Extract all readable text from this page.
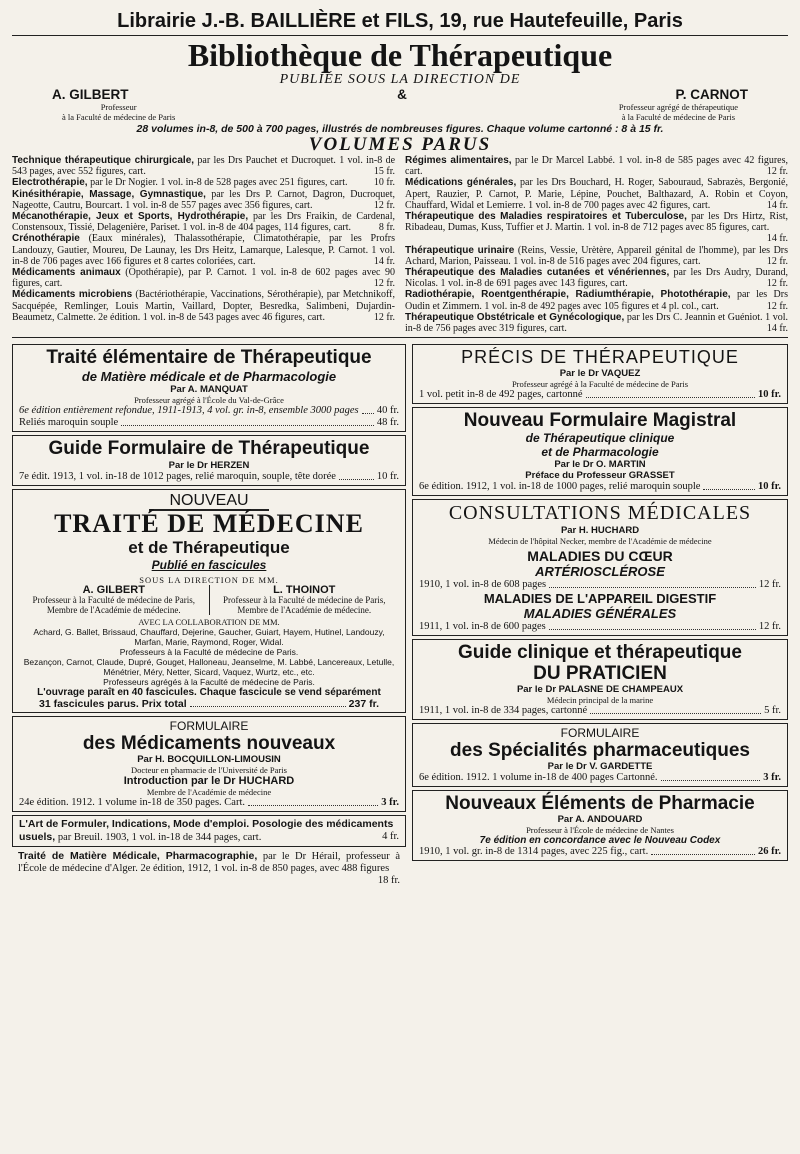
Librairie J.-B. BAILLIÈRE et FILS, 19, rue Hautefeuille, Paris
Bibliothèque de Thérapeutique
PUBLIÉE SOUS LA DIRECTION DE
A. GILBERT	&	P. CARNOT
Professeur
à la Faculté de médecine de Paris
Professeur agrégé de thérapeutique
à la Faculté de médecine de Paris
28 volumes in-8, de 500 à 700 pages, illustrés de nombreuses figures. Chaque volume cartonné : 8 à 15 fr.
VOLUMES PARUS
Technique thérapeutique chirurgicale, par les Drs Pauchet et Ducroquet. 1 vol. in-8 de 543 pages, avec 552 figures, cart.	15 fr.
Electrothérapie, par le Dr Nogier. 1 vol. in-8 de 528 pages avec 251 figures, cart.	10 fr.
Kinésithérapie, Massage, Gymnastique, par les Drs P. Carnot, Dagron, Ducroquet, Nageotte, Cautru, Bourcart. 1 vol. in-8 de 557 pages avec 356 figures, cart.	12 fr.
Mécanothérapie, Jeux et Sports, Hydrothérapie, par les Drs Fraikin, de Cardenal, Constensoux, Tissié, Delagenière, Pariset. 1 vol. in-8 de 404 pages, 114 figures, cart.	8 fr.
Crénothérapie (Eaux minérales), Thalassothérapie, Climatothérapie, par les Profrs Landouzy, Gautier, Moureu, De Launay, les Drs Heitz, Lamarque, Lalesque, P. Carnot. 1 vol. in-8 de 706 pages avec 166 figures et 8 cartes coloriées, cart.	14 fr.
Médicaments animaux (Opothérapie), par P. Carnot. 1 vol. in-8 de 602 pages avec 90 figures, cart.	12 fr.
Médicaments microbiens (Bactériothérapie, Vaccinations, Sérothérapie), par Metchnikoff, Sacquépée, Remlinger, Louis Martin, Vaillard, Dopter, Besredka, Salimbeni, Dujardin-Beaumetz, Calmette. 2e édition. 1 vol. in-8 de 543 pages avec 46 figures, cart.	12 fr.
Régimes alimentaires, par le Dr Marcel Labbé. 1 vol. in-8 de 585 pages avec 42 figures, cart.	12 fr.
Médications générales, par les Drs Bouchard, H. Roger, Sabouraud, Sabrazès, Bergonié, Apert, Rauzier, P. Carnot, P. Marie, Lépine, Pouchet, Balthazard, A. Robin et Coyon, Chauffard, Widal et Lemierre. 1 vol. in-8 de 700 pages avec 42 figures, cart.	14 fr.
Thérapeutique des Maladies respiratoires et Tuberculose, par les Drs Hirtz, Rist, Ribadeau, Dumas, Kuss, Tuffier et J. Martin. 1 vol. in-8 de 712 pages avec 85 figures, cart.
14 fr.
Thérapeutique urinaire (Reins, Vessie, Urètère, Appareil génital de l'homme), par les Drs Achard, Marion, Paisseau. 1 vol. in-8 de 516 pages avec 204 figures, cart.	12 fr.
Thérapeutique des Maladies cutanées et vénériennes, par les Drs Audry, Durand, Nicolas. 1 vol. in-8 de 691 pages avec 143 figures, cart.	12 fr.
Radiothérapie, Roentgenthérapie, Radiumthérapie, Photothérapie, par les Drs Oudin et Zimmern. 1 vol. in-8 de 492 pages avec 105 figures et 4 pl. col., cart.	12 fr.
Thérapeutique Obstétricale et Gynécologique, par les Drs C. Jeannin et Guéniot. 1 vol. in-8 de 756 pages avec 319 figures, cart.	14 fr.
Traité élémentaire de Thérapeutique
de Matière médicale et de Pharmacologie
Par A. MANQUAT
Professeur agrégé à l'École du Val-de-Grâce
6e édition entièrement refondue, 1911-1913, 4 vol. gr. in-8, ensemble 3000 pages 40 fr.
Reliés maroquin souple	48 fr.
Guide Formulaire de Thérapeutique
Par le Dr HERZEN
7e édit. 1913, 1 vol. in-18 de 1012 pages, relié maroquin, souple, tête dorée	10 fr.
NOUVEAU
TRAITÉ DE MÉDECINE
et de Thérapeutique
Publié en fascicules
SOUS LA DIRECTION DE MM.
A. GILBERT
Professeur à la Faculté de médecine de Paris,
Membre de l'Académie de médecine.
L. THOINOT
Professeur à la Faculté de médecine de Paris,
Membre de l'Académie de médecine.
AVEC LA COLLABORATION DE MM.
Achard, G. Ballet, Brissaud, Chauffard, Dejerine, Gaucher, Guiart, Hayem, Hutinel, Landouzy, Marfan, Marie, Raymond, Roger, Widal.
Professeurs à la Faculté de médecine de Paris.
Bezançon, Carnot, Claude, Dupré, Gouget, Halloneau, Jeanselme, M. Labbé, Lancereaux, Letulle,
Ménétrier, Méry, Netter, Sicard, Vaquez, Wurtz, etc., etc.
Professeurs agrégés à la Faculté de médecine de Paris.
L'ouvrage paraît en 40 fascicules. Chaque fascicule se vend séparément
31 fascicules parus. Prix total	237 fr.
FORMULAIRE
des Médicaments nouveaux
Par H. BOCQUILLON-LIMOUSIN
Docteur en pharmacie de l'Université de Paris
Introduction par le Dr HUCHARD
Membre de l'Académie de médecine
24e édition. 1912. 1 volume in-18 de 350 pages. Cart.	3 fr.
L'Art de Formuler, Indications, Mode d'emploi. Posologie des médicaments usuels, par Breuil. 1903, 1 vol. in-18 de 344 pages, cart.	4 fr.
Traité de Matière Médicale, Pharmacographie, par le Dr Hérail, professeur à l'École de médecine d'Alger. 2e édition, 1912, 1 vol. in-8 de 850 pages, avec 488 figures
18 fr.
PRÉCIS DE THÉRAPEUTIQUE
Par le Dr VAQUEZ
Professeur agrégé à la Faculté de médecine de Paris
1 vol. petit in-8 de 492 pages, cartonné	10 fr.
Nouveau Formulaire Magistral
de Thérapeutique clinique
et de Pharmacologie
Par le Dr O. MARTIN
Préface du Professeur GRASSET
6e édition. 1912, 1 vol. in-18 de 1000 pages, relié maroquin souple	10 fr.
CONSULTATIONS MÉDICALES
Par H. HUCHARD
Médecin de l'hôpital Necker, membre de l'Académie de médecine
MALADIES DU CŒUR
ARTÉRIOSCLÉROSE
1910, 1 vol. in-8 de 608 pages	12 fr.
MALADIES DE L'APPAREIL DIGESTIF
MALADIES GÉNÉRALES
1911, 1 vol. in-8 de 600 pages	12 fr.
Guide clinique et thérapeutique
DU PRATICIEN
Par le Dr PALASNE DE CHAMPEAUX
Médecin principal de la marine
1911, 1 vol. in-8 de 334 pages, cartonné	5 fr.
FORMULAIRE
des Spécialités pharmaceutiques
Par le Dr V. GARDETTE
6e édition. 1912. 1 volume in-18 de 400 pages Cartonné.	3 fr.
Nouveaux Éléments de Pharmacie
Par A. ANDOUARD
Professeur à l'École de médecine de Nantes
7e édition en concordance avec le Nouveau Codex
1910, 1 vol. gr. in-8 de 1314 pages, avec 225 fig., cart.	26 fr.
